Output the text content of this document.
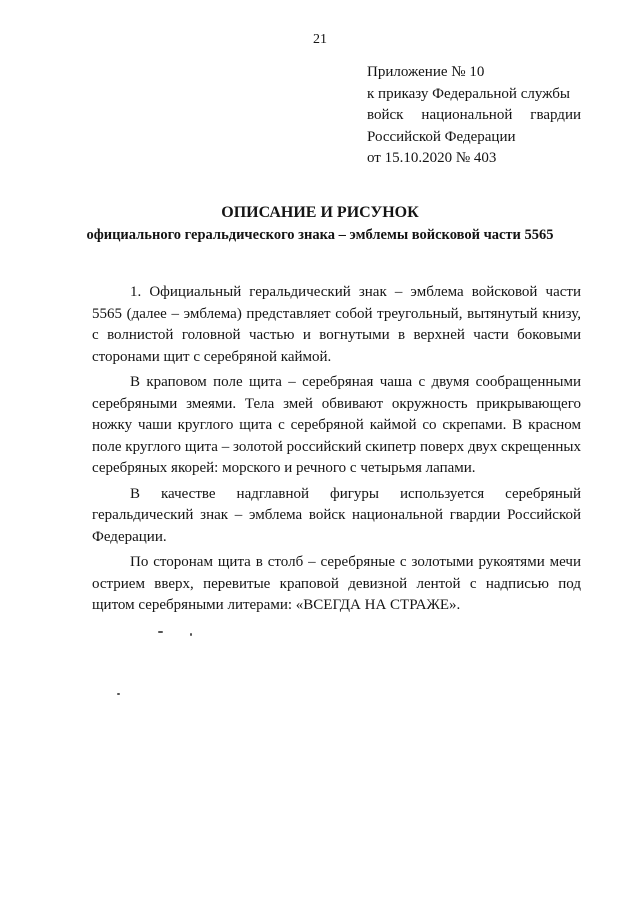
21
Приложение № 10
к приказу Федеральной службы
войск национальной гвардии
Российской Федерации
от 15.10.2020 № 403
ОПИСАНИЕ И РИСУНОК
официального геральдического знака – эмблемы войсковой части 5565

1. Официальный геральдический знак – эмблема войсковой части 5565 (далее – эмблема) представляет собой треугольный, вытянутый книзу, с волнистой головной частью и вогнутыми в верхней части боковыми сторонами щит с серебряной каймой.

В краповом поле щита – серебряная чаша с двумя сообращенными серебряными змеями. Тела змей обвивают окружность прикрывающего ножку чаши круглого щита с серебряной каймой со скрепами. В красном поле круглого щита – золотой российский скипетр поверх двух скрещенных серебряных якорей: морского и речного с четырьмя лапами.

В качестве надглавной фигуры используется серебряный геральдический знак – эмблема войск национальной гвардии Российской Федерации.

По сторонам щита в столб – серебряные с золотыми рукоятями мечи острием вверх, перевитые краповой девизной лентой с надписью под щитом серебряными литерами: «ВСЕГДА НА СТРАЖЕ».
